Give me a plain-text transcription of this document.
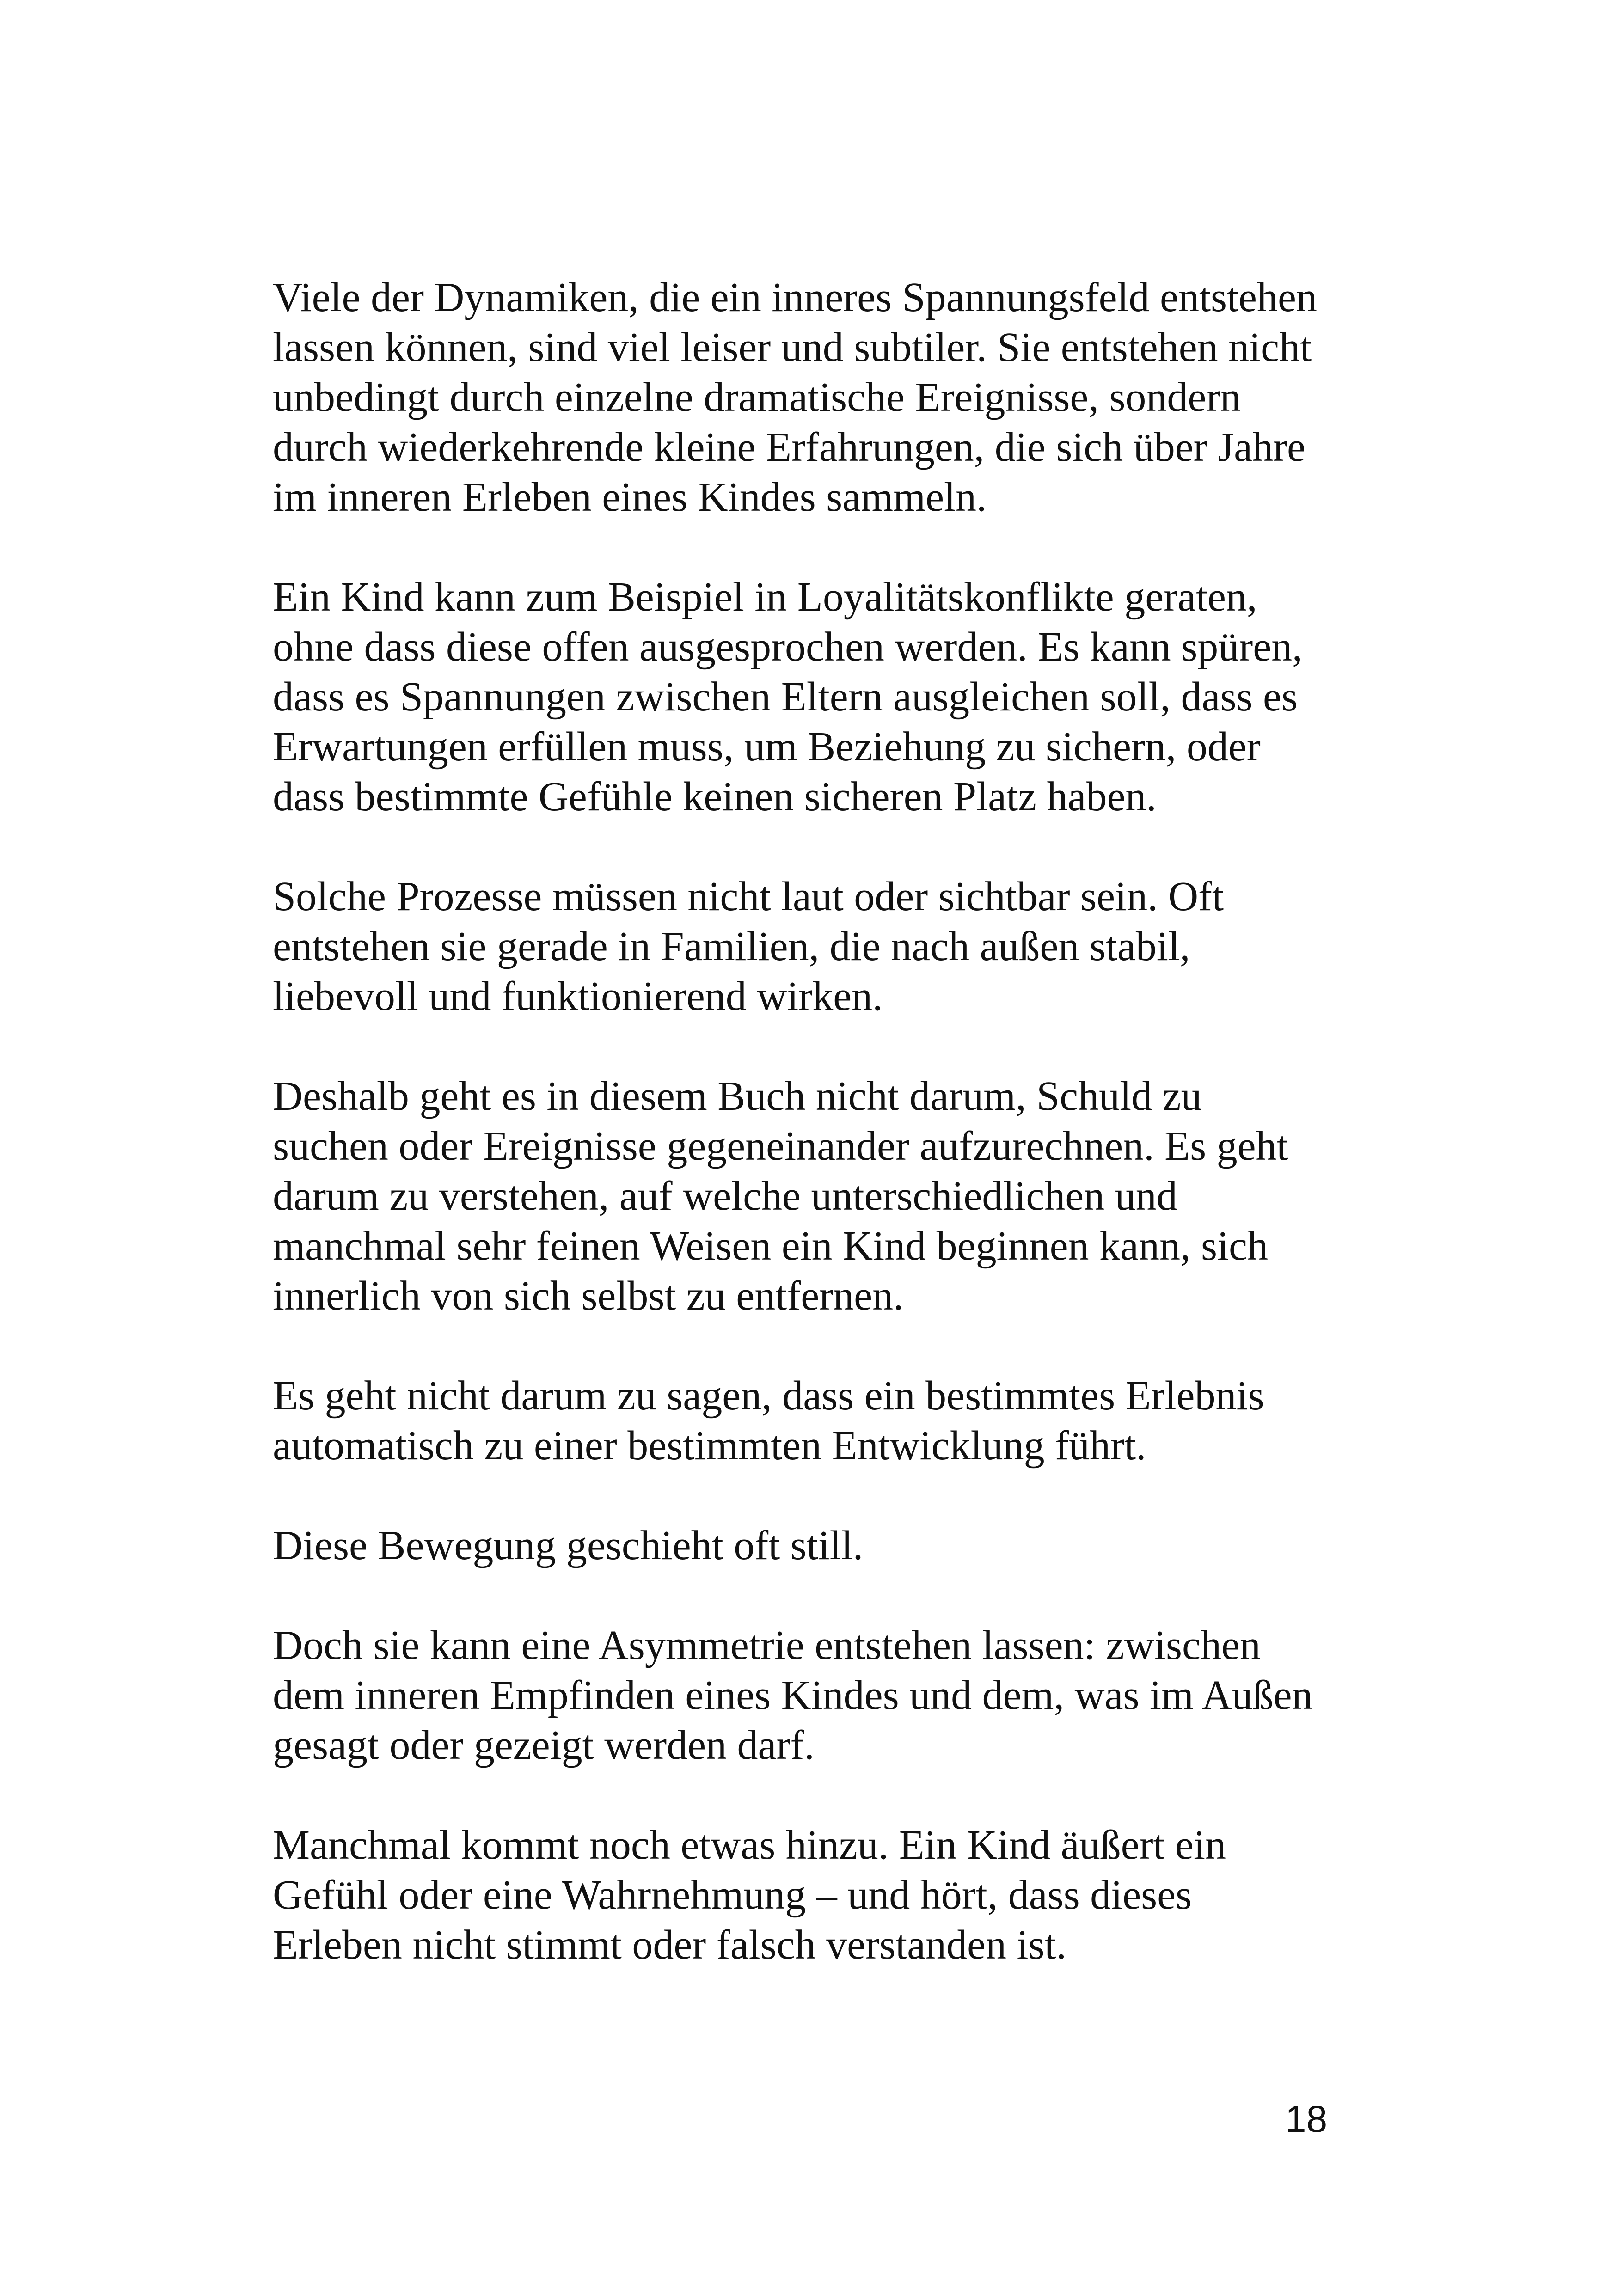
Viele der Dynamiken, die ein inneres Spannungsfeld entstehen
lassen können, sind viel leiser und subtiler. Sie entstehen nicht
unbedingt durch einzelne dramatische Ereignisse, sondern
durch wiederkehrende kleine Erfahrungen, die sich über Jahre
im inneren Erleben eines Kindes sammeln.

Ein Kind kann zum Beispiel in Loyalitätskonflikte geraten,
ohne dass diese offen ausgesprochen werden. Es kann spüren,
dass es Spannungen zwischen Eltern ausgleichen soll, dass es
Erwartungen erfüllen muss, um Beziehung zu sichern, oder
dass bestimmte Gefühle keinen sicheren Platz haben.

Solche Prozesse müssen nicht laut oder sichtbar sein. Oft
entstehen sie gerade in Familien, die nach außen stabil,
liebevoll und funktionierend wirken.

Deshalb geht es in diesem Buch nicht darum, Schuld zu
suchen oder Ereignisse gegeneinander aufzurechnen. Es geht
darum zu verstehen, auf welche unterschiedlichen und
manchmal sehr feinen Weisen ein Kind beginnen kann, sich
innerlich von sich selbst zu entfernen.

Es geht nicht darum zu sagen, dass ein bestimmtes Erlebnis
automatisch zu einer bestimmten Entwicklung führt.

Diese Bewegung geschieht oft still.

Doch sie kann eine Asymmetrie entstehen lassen: zwischen
dem inneren Empfinden eines Kindes und dem, was im Außen
gesagt oder gezeigt werden darf.

Manchmal kommt noch etwas hinzu. Ein Kind äußert ein
Gefühl oder eine Wahrnehmung – und hört, dass dieses
Erleben nicht stimmt oder falsch verstanden ist.

18
